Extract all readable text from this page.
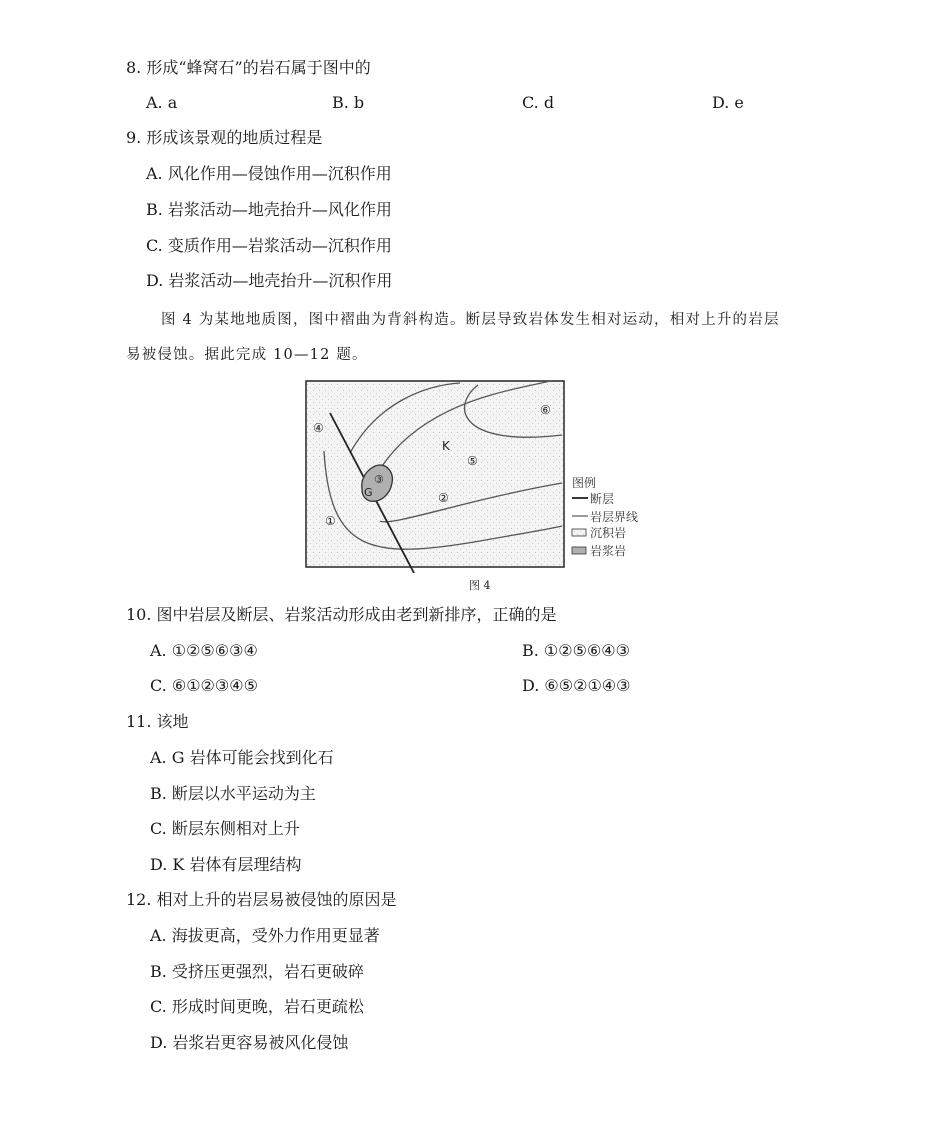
8. 形成“蜂窝石”的岩石属于图中的
A. a	B. b	C. d	D. e
9. 形成该景观的地质过程是
A. 风化作用—侵蚀作用—沉积作用
B. 岩浆活动—地壳抬升—风化作用
C. 变质作用—岩浆活动—沉积作用
D. 岩浆活动—地壳抬升—沉积作用
图 4 为某地地质图，图中褶曲为背斜构造。断层导致岩体发生相对运动，相对上升的岩层
易被侵蚀。据此完成 10—12 题。
⑥
④
K
⑤
③
G	②
①
图例
断层
岩层界线
沉积岩
岩浆岩
图 4
10. 图中岩层及断层、岩浆活动形成由老到新排序，正确的是
A. ①②⑤⑥③④	B. ①②⑤⑥④③
C. ⑥①②③④⑤	D. ⑥⑤②①④③
11. 该地
A. G 岩体可能会找到化石
B. 断层以水平运动为主
C. 断层东侧相对上升
D. K 岩体有层理结构
12. 相对上升的岩层易被侵蚀的原因是
A. 海拔更高，受外力作用更显著
B. 受挤压更强烈，岩石更破碎
C. 形成时间更晚，岩石更疏松
D. 岩浆岩更容易被风化侵蚀
